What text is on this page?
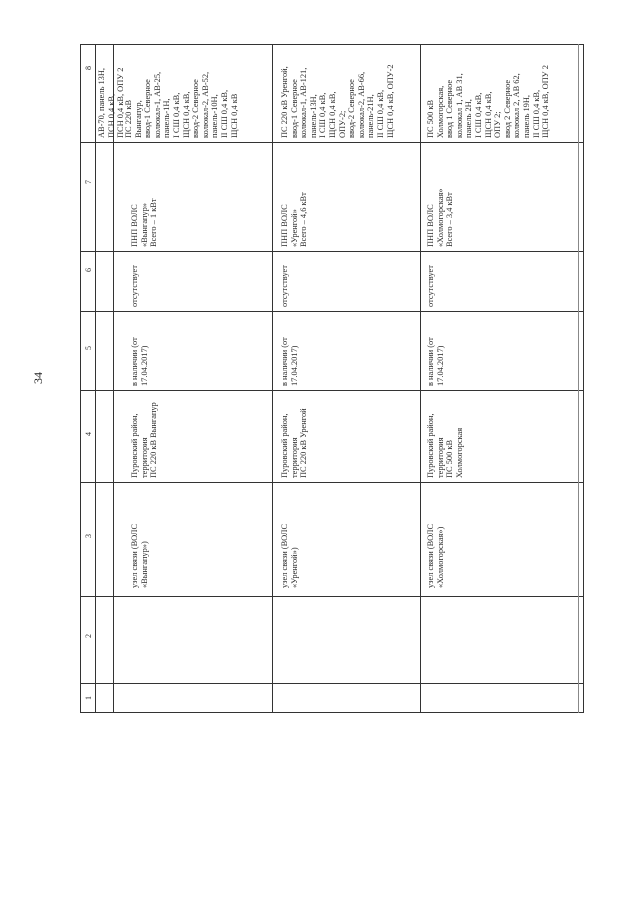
34
8
7
6
5
4
3
2
1
АВ-70, панель 13Н,
ПСН 0,4 кВ,
ПСН 0,4 кВ, ОПУ 2
узел связи (ВОЛС
«Вынгапур»)
Пуровский район,
территория
ПС 220 кВ Вынгапур
в наличии (от
17.04.2017)
отсутствует
ПНП ВОЛС
«Вынгапур»
Всего – 1 кВт
ПС 220 кВ
Вынгапур,
ввод-1 Северное
колюкал-1, АВ-25,
панель-1Н,
I СШ 0,4 кВ,
ЩСН 0,4 кВ,
ввод-2 Северное
колюкал-2, АВ-52,
панель-10Н,
II СШ 0,4 кВ,
ЩСН 0,4 кВ
узел связи (ВОЛС
«Уренгой»)
Пуровский район,
территория
ПС 220 кВ Уренгой
в наличии (от
17.04.2017)
отсутствует
ПНП ВОЛС
«Уренгой»
Всего – 4,6 кВт
ПС 220 кВ Уренгой,
ввод-1 Северное
колюкал-1, АВ-121,
панель-13Н,
I СШ 0,4 кВ,
ЩСН 0,4 кВ,
ОПУ-2;
ввод-2 Северное
колюкал-2, АВ-66,
панель-21Н,
II СШ 0,4 кВ,
ЩСН 0,4 кВ, ОПУ-2
узел связи (ВОЛС
«Холмогорская»)
Пуровский район,
территория
ПС 500 кВ
Холмогорская
в наличии (от
17.04.2017)
отсутствует
ПНП ВОЛС
«Холмогорская»
Всего – 3,4 кВт
ПС 500 кВ
Холмогорская,
ввод 1 Северное
колюкал 1, АВ 31,
панель 2Н,
I СШ 0,4 кВ,
ЩСН 0,4 кВ,
ОПУ 2;
ввод 2 Северное
колюкал 2, АВ 62,
панель 19Н,
II СШ 0,4 кВ,
ЩСН 0,4 кВ, ОПУ 2
